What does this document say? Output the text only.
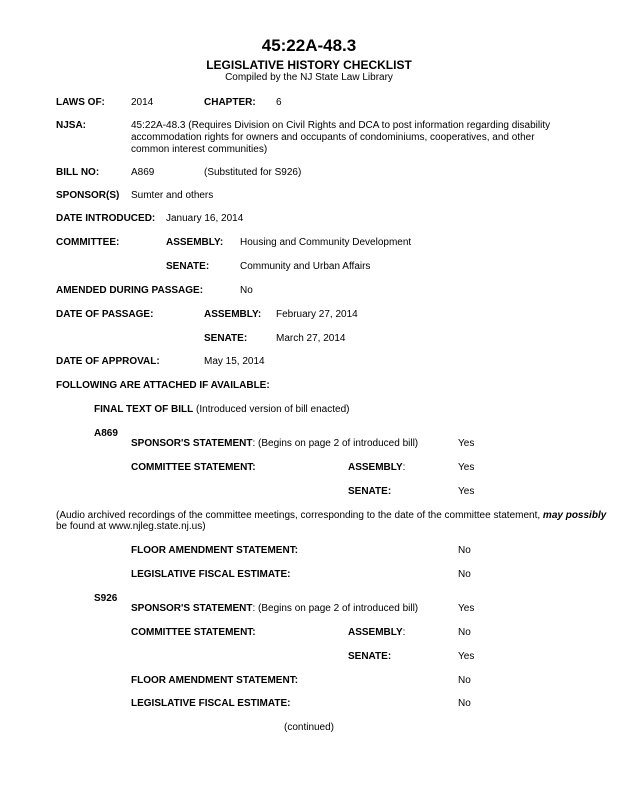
45:22A-48.3
LEGISLATIVE HISTORY CHECKLIST
Compiled by the NJ State Law Library
LAWS OF:	2014	CHAPTER: 6
NJSA:	45:22A-48.3 (Requires Division on Civil Rights and DCA to post information regarding disability accommodation rights for owners and occupants of condominiums, cooperatives, and other common interest communities)
BILL NO:	A869	(Substituted for S926)
SPONSOR(S) Sumter and others
DATE INTRODUCED: January 16, 2014
COMMITTEE:	ASSEMBLY: Housing and Community Development
SENATE:	Community and Urban Affairs
AMENDED DURING PASSAGE:	No
DATE OF PASSAGE:	ASSEMBLY: February 27, 2014
SENATE:	March 27, 2014
DATE OF APPROVAL:	May 15, 2014
FOLLOWING ARE ATTACHED IF AVAILABLE:
FINAL TEXT OF BILL (Introduced version of bill enacted)
A869
SPONSOR'S STATEMENT: (Begins on page 2 of introduced bill)	Yes
COMMITTEE STATEMENT:	ASSEMBLY:	Yes
SENATE:	Yes
(Audio archived recordings of the committee meetings, corresponding to the date of the committee statement, may possibly
be found at www.njleg.state.nj.us)
FLOOR AMENDMENT STATEMENT:	No
LEGISLATIVE FISCAL ESTIMATE:	No
S926
SPONSOR'S STATEMENT: (Begins on page 2 of introduced bill)	Yes
COMMITTEE STATEMENT:	ASSEMBLY:	No
SENATE:	Yes
FLOOR AMENDMENT STATEMENT:	No
LEGISLATIVE FISCAL ESTIMATE:	No
(continued)
